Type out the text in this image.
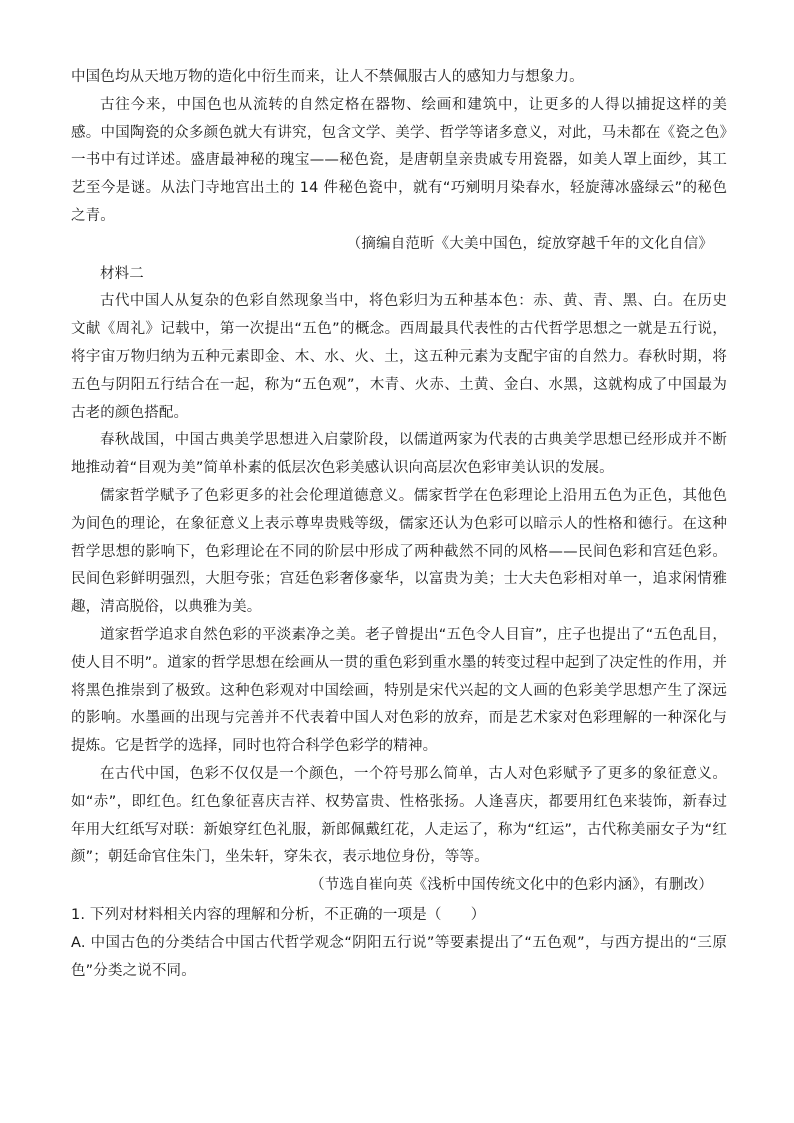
中国色均从天地万物的造化中衍生而来，让人不禁佩服古人的感知力与想象力。

古往今来，中国色也从流转的自然定格在器物、绘画和建筑中，让更多的人得以捕捉这样的美感。中国陶瓷的众多颜色就大有讲究，包含文学、美学、哲学等诸多意义，对此，马未都在《瓷之色》一书中有过详述。盛唐最神秘的瑰宝——秘色瓷，是唐朝皇亲贵戚专用瓷器，如美人罩上面纱，其工艺至今是谜。从法门寺地宫出土的 14 件秘色瓷中，就有“巧剜明月染春水，轻旋薄冰盛绿云”的秘色之青。

（摘编自范昕《大美中国色，绽放穿越千年的文化自信》

材料二

古代中国人从复杂的色彩自然现象当中，将色彩归为五种基本色：赤、黄、青、黑、白。在历史文献《周礼》记载中，第一次提出“五色”的概念。西周最具代表性的古代哲学思想之一就是五行说，将宇宙万物归纳为五种元素即金、木、水、火、土，这五种元素为支配宇宙的自然力。春秋时期，将五色与阴阳五行结合在一起，称为“五色观”，木青、火赤、土黄、金白、水黑，这就构成了中国最为古老的颜色搭配。

春秋战国，中国古典美学思想进入启蒙阶段，以儒道两家为代表的古典美学思想已经形成并不断地推动着“目观为美”简单朴素的低层次色彩美感认识向高层次色彩审美认识的发展。

儒家哲学赋予了色彩更多的社会伦理道德意义。儒家哲学在色彩理论上沿用五色为正色，其他色为间色的理论，在象征意义上表示尊卑贵贱等级，儒家还认为色彩可以暗示人的性格和德行。在这种哲学思想的影响下，色彩理论在不同的阶层中形成了两种截然不同的风格——民间色彩和宫廷色彩。民间色彩鲜明强烈，大胆夸张；宫廷色彩奢侈豪华，以富贵为美；士大夫色彩相对单一，追求闲情雅趣，清高脱俗，以典雅为美。

道家哲学追求自然色彩的平淡素净之美。老子曾提出“五色令人目盲”，庄子也提出了“五色乱目，使人目不明”。道家的哲学思想在绘画从一贯的重色彩到重水墨的转变过程中起到了决定性的作用，并将黑色推崇到了极致。这种色彩观对中国绘画，特别是宋代兴起的文人画的色彩美学思想产生了深远的影响。水墨画的出现与完善并不代表着中国人对色彩的放弃，而是艺术家对色彩理解的一种深化与提炼。它是哲学的选择，同时也符合科学色彩学的精神。

在古代中国，色彩不仅仅是一个颜色，一个符号那么简单，古人对色彩赋予了更多的象征意义。如“赤”，即红色。红色象征喜庆吉祥、权势富贵、性格张扬。人逢喜庆，都要用红色来装饰，新春过年用大红纸写对联：新娘穿红色礼服，新郎佩戴红花，人走运了，称为“红运”，古代称美丽女子为“红颜”；朝廷命官住朱门，坐朱轩，穿朱衣，表示地位身份，等等。

（节选自崔向英《浅析中国传统文化中的色彩内涵》，有删改）

1. 下列对材料相关内容的理解和分析，不正确的一项是（　　）

A. 中国古色的分类结合中国古代哲学观念“阴阳五行说”等要素提出了“五色观”，与西方提出的“三原色”分类之说不同。
